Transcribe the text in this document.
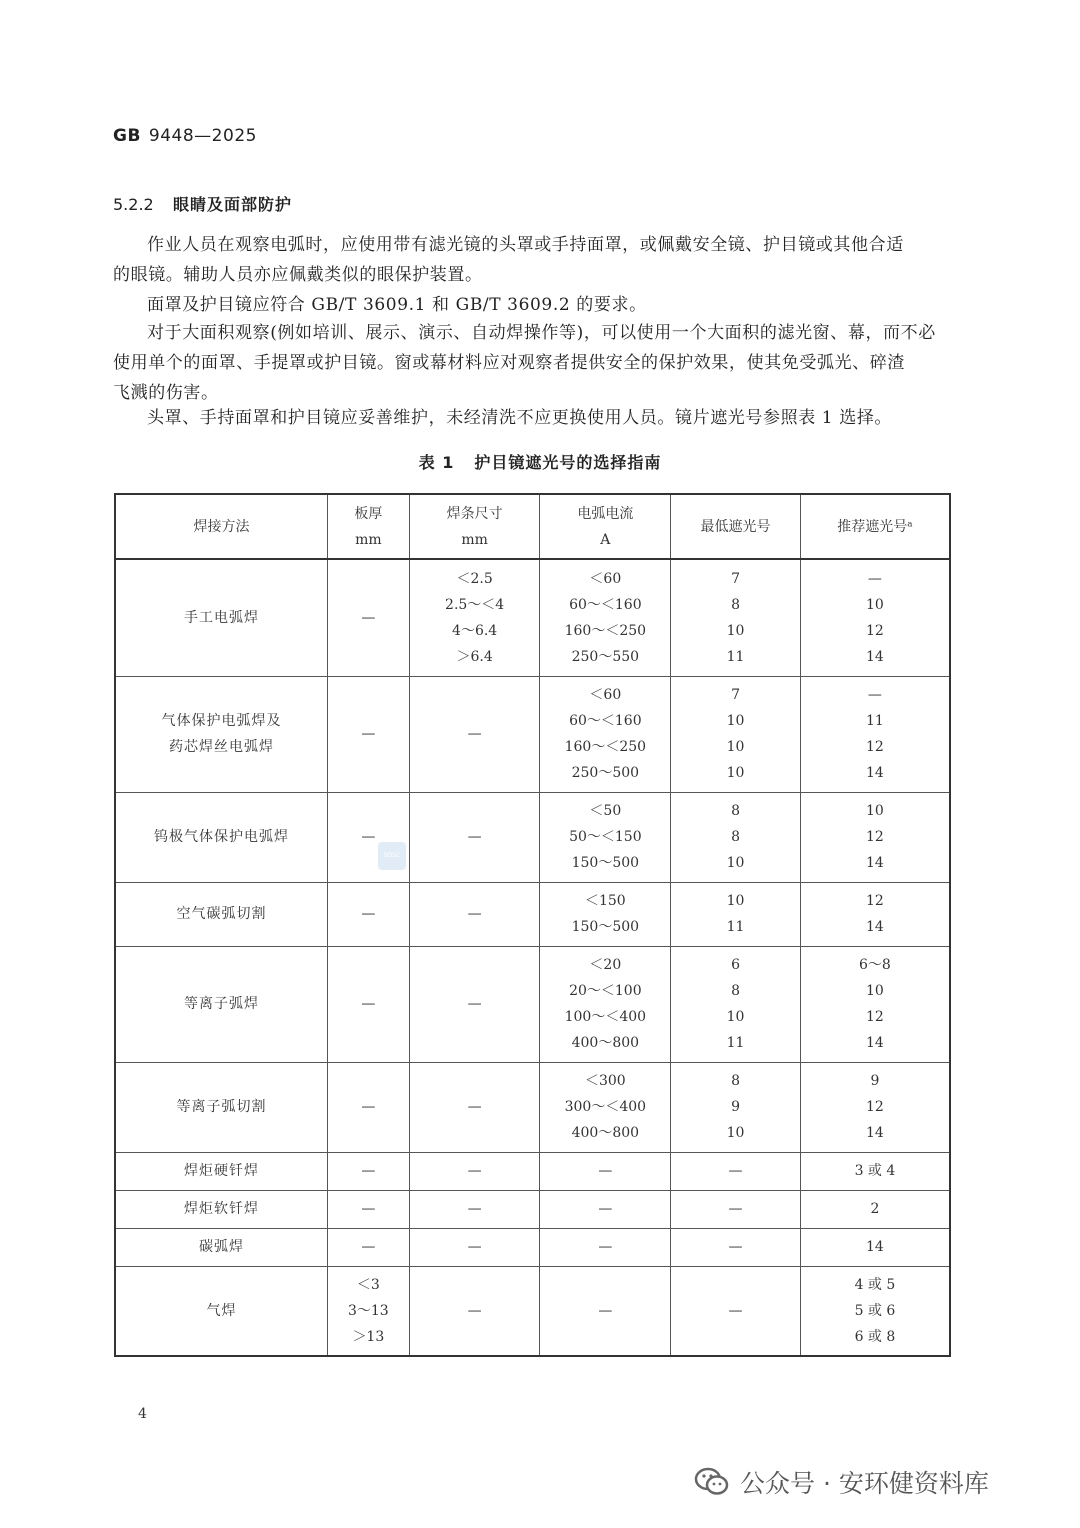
GB 9448—2025
5.2.2 眼睛及面部防护
作业人员在观察电弧时，应使用带有滤光镜的头罩或手持面罩，或佩戴安全镜、护目镜或其他合适
的眼镜。辅助人员亦应佩戴类似的眼保护装置。
面罩及护目镜应符合 GB/T 3609.1 和 GB/T 3609.2 的要求。
对于大面积观察(例如培训、展示、演示、自动焊操作等)，可以使用一个大面积的滤光窗、幕，而不必
使用单个的面罩、手提罩或护目镜。窗或幕材料应对观察者提供安全的保护效果，使其免受弧光、碎渣
飞溅的伤害。
头罩、手持面罩和护目镜应妥善维护，未经清洗不应更换使用人员。镜片遮光号参照表 1 选择。
表 1 护目镜遮光号的选择指南
焊接方法	板厚
mm	焊条尺寸
mm	电弧电流
A	最低遮光号	推荐遮光号ᵃ

手工电弧焊	—	＜2.5
2.5～＜4
4～6.4
＞6.4	＜60
60～＜160
160～＜250
250～550	7
8
10
11	—
10
12
14

气体保护电弧焊及
药芯焊丝电弧焊	—	—	＜60
60～＜160
160～＜250
250～500	7
10
10
10	—
11
12
14

钨极气体保护电弧焊	—	—	＜50
50～＜150
150～500	8
8
10	10
12
14

空气碳弧切割	—	—	＜150
150～500	10
11	12
14

等离子弧焊	—	—	＜20
20～＜100
100～＜400
400～800	6
8
10
11	6～8
10
12
14

等离子弧切割	—	—	＜300
300～＜400
400～800	8
9
10	9
12
14

焊炬硬钎焊	—	—	—	—	3 或 4

焊炬软钎焊	—	—	—	—	2

碳弧焊	—	—	—	—	14

气焊	＜3
3～13
＞13	—	—	—	4 或 5
5 或 6
6 或 8
SOSC
4
公众号 · 安环健资料库
